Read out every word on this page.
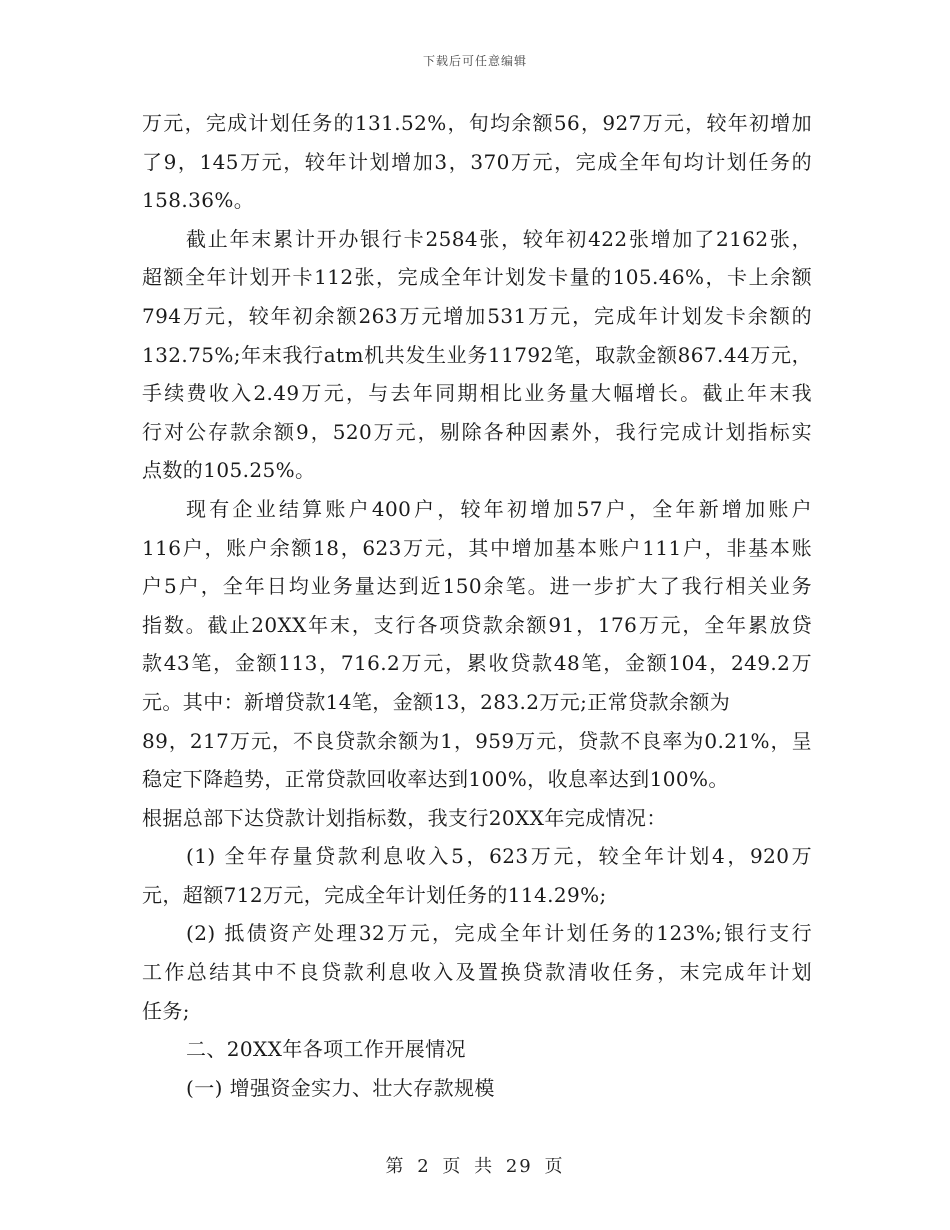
下载后可任意编辑
万元，完成计划任务的131.52%，旬均余额56，927万元，较年初增加
了9，145万元，较年计划增加3，370万元，完成全年旬均计划任务的
158.36%。
截止年末累计开办银行卡2584张，较年初422张增加了2162张，
超额全年计划开卡112张，完成全年计划发卡量的105.46%，卡上余额
794万元，较年初余额263万元增加531万元，完成年计划发卡余额的
132.75%;年末我行atm机共发生业务11792笔，取款金额867.44万元，
手续费收入2.49万元，与去年同期相比业务量大幅增长。截止年末我
行对公存款余额9，520万元，剔除各种因素外，我行完成计划指标实
点数的105.25%。
现有企业结算账户400户，较年初增加57户，全年新增加账户
116户，账户余额18，623万元，其中增加基本账户111户，非基本账
户5户，全年日均业务量达到近150余笔。进一步扩大了我行相关业务
指数。截止20XX年末，支行各项贷款余额91，176万元，全年累放贷
款43笔，金额113，716.2万元，累收贷款48笔，金额104，249.2万
元。其中：新增贷款14笔，金额13，283.2万元;正常贷款余额为
89，217万元，不良贷款余额为1，959万元，贷款不良率为0.21%，呈
稳定下降趋势，正常贷款回收率达到100%，收息率达到100%。
根据总部下达贷款计划指标数，我支行20XX年完成情况：
(1) 全年存量贷款利息收入5，623万元，较全年计划4，920万
元，超额712万元，完成全年计划任务的114.29%;
(2) 抵债资产处理32万元，完成全年计划任务的123%;银行支行
工作总结其中不良贷款利息收入及置换贷款清收任务，末完成年计划
任务;
二、20XX年各项工作开展情况
(一) 增强资金实力、壮大存款规模
第 2 页 共 29 页
